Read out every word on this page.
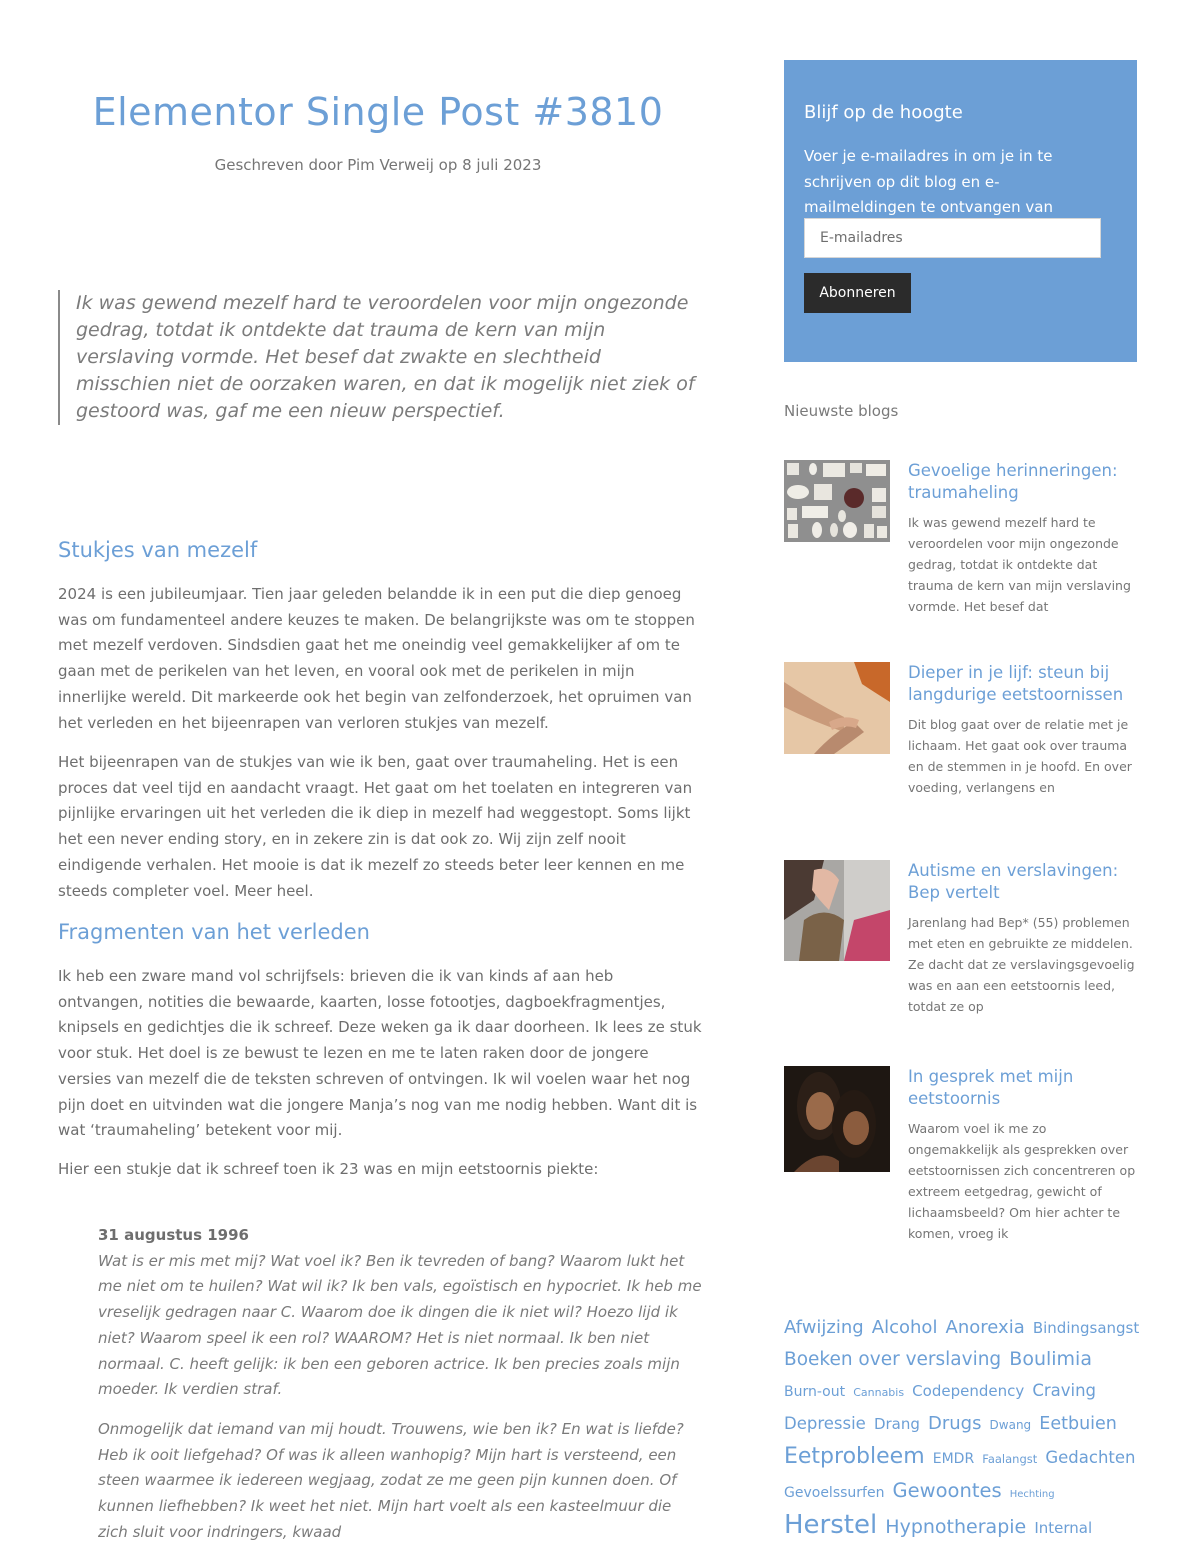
Elementor Single Post #3810
Geschreven door Pim Verweij op 8 juli 2023
Ik was gewend mezelf hard te veroordelen voor mijn ongezonde gedrag, totdat ik ontdekte dat trauma de kern van mijn verslaving vormde. Het besef dat zwakte en slechtheid misschien niet de oorzaken waren, en dat ik mogelijk niet ziek of gestoord was, gaf me een nieuw perspectief.
Stukjes van mezelf

2024 is een jubileumjaar. Tien jaar geleden belandde ik in een put die diep genoeg was om fundamenteel andere keuzes te maken. De belangrijkste was om te stoppen met mezelf verdoven. Sindsdien gaat het me oneindig veel gemakkelijker af om te gaan met de perikelen van het leven, en vooral ook met de perikelen in mijn innerlijke wereld. Dit markeerde ook het begin van zelfonderzoek, het opruimen van het verleden en het bijeenrapen van verloren stukjes van mezelf.

Het bijeenrapen van de stukjes van wie ik ben, gaat over traumaheling. Het is een proces dat veel tijd en aandacht vraagt. Het gaat om het toelaten en integreren van pijnlijke ervaringen uit het verleden die ik diep in mezelf had weggestopt. Soms lijkt het een never ending story, en in zekere zin is dat ook zo. Wij zijn zelf nooit eindigende verhalen. Het mooie is dat ik mezelf zo steeds beter leer kennen en me steeds completer voel. Meer heel.

Fragmenten van het verleden

Ik heb een zware mand vol schrijfsels: brieven die ik van kinds af aan heb ontvangen, notities die bewaarde, kaarten, losse fotootjes, dagboekfragmentjes, knipsels en gedichtjes die ik schreef. Deze weken ga ik daar doorheen. Ik lees ze stuk voor stuk. Het doel is ze bewust te lezen en me te laten raken door de jongere versies van mezelf die de teksten schreven of ontvingen. Ik wil voelen waar het nog pijn doet en uitvinden wat die jongere Manja’s nog van me nodig hebben. Want dit is wat ‘traumaheling’ betekent voor mij.

Hier een stukje dat ik schreef toen ik 23 was en mijn eetstoornis piekte:

31 augustus 1996

Wat is er mis met mij? Wat voel ik? Ben ik tevreden of bang? Waarom lukt het me niet om te huilen? Wat wil ik? Ik ben vals, egoïstisch en hypocriet. Ik heb me vreselijk gedragen naar C. Waarom doe ik dingen die ik niet wil? Hoezo lijd ik niet? Waarom speel ik een rol? WAAROM? Het is niet normaal. Ik ben niet normaal. C. heeft gelijk: ik ben een geboren actrice. Ik ben precies zoals mijn moeder. Ik verdien straf.

Onmogelijk dat iemand van mij houdt. Trouwens, wie ben ik? En wat is liefde? Heb ik ooit liefgehad? Of was ik alleen wanhopig? Mijn hart is versteend, een steen waarmee ik iedereen wegjaag, zodat ze me geen pijn kunnen doen. Of kunnen liefhebben? Ik weet het niet. Mijn hart voelt als een kasteelmuur die zich sluit voor indringers, kwaad

Blijf op de hoogte

Voer je e-mailadres in om je in te schrijven op dit blog en e-mailmeldingen te ontvangen van

E-mailadres
Abonneren
Nieuwste blogs
Gevoelige herinneringen: traumaheling

Ik was gewend mezelf hard te veroordelen voor mijn ongezonde gedrag, totdat ik ontdekte dat trauma de kern van mijn verslaving vormde. Het besef dat

Dieper in je lijf: steun bij langdurige eetstoornissen

Dit blog gaat over de relatie met je lichaam. Het gaat ook over trauma en de stemmen in je hoofd. En over voeding, verlangens en

Autisme en verslavingen: Bep vertelt

Jarenlang had Bep* (55) problemen met eten en gebruikte ze middelen. Ze dacht dat ze verslavingsgevoelig was en aan een eetstoornis leed, totdat ze op

In gesprek met mijn eetstoornis

Waarom voel ik me zo ongemakkelijk als gesprekken over eetstoornissen zich concentreren op extreem eetgedrag, gewicht of lichaamsbeeld? Om hier achter te komen, vroeg ik

Afwijzing Alcohol Anorexia Bindingsangst Boeken over verslaving Boulimia Burn-out Cannabis Codependency Craving Depressie Drang Drugs Dwang Eetbuien Eetprobleem EMDR Faalangst Gedachten Gevoelssurfen Gewoontes Hechting Herstel Hypnotherapie Internal
